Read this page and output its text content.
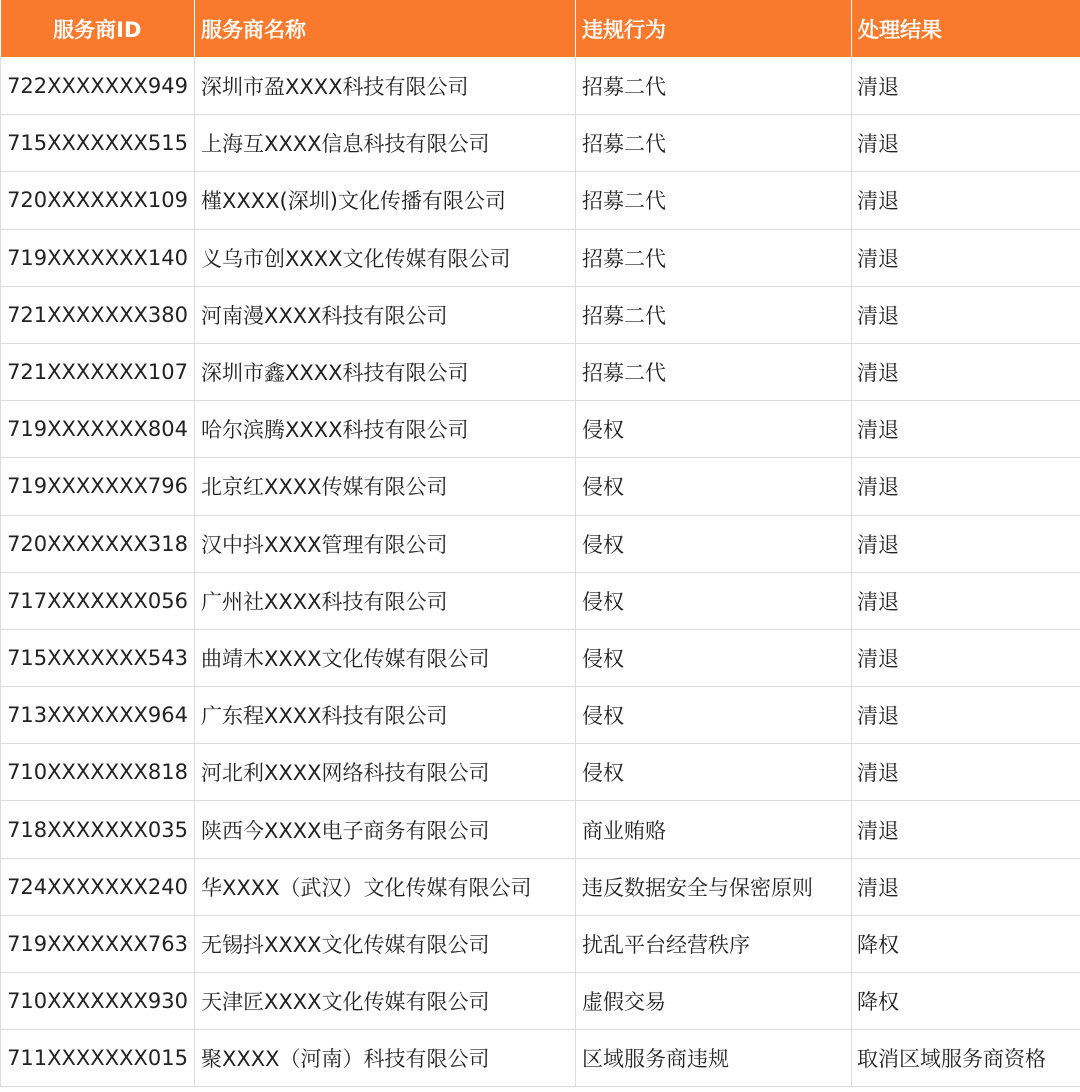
服务商ID	服务商名称	违规行为	处理结果
722XXXXXXX949	深圳市盈XXXX科技有限公司	招募二代	清退
715XXXXXXX515	上海互XXXX信息科技有限公司	招募二代	清退
720XXXXXXX109	槿XXXX(深圳)文化传播有限公司	招募二代	清退
719XXXXXXX140	义乌市创XXXX文化传媒有限公司	招募二代	清退
721XXXXXXX380	河南漫XXXX科技有限公司	招募二代	清退
721XXXXXXX107	深圳市鑫XXXX科技有限公司	招募二代	清退
719XXXXXXX804	哈尔滨腾XXXX科技有限公司	侵权	清退
719XXXXXXX796	北京红XXXX传媒有限公司	侵权	清退
720XXXXXXX318	汉中抖XXXX管理有限公司	侵权	清退
717XXXXXXX056	广州社XXXX科技有限公司	侵权	清退
715XXXXXXX543	曲靖木XXXX文化传媒有限公司	侵权	清退
713XXXXXXX964	广东程XXXX科技有限公司	侵权	清退
710XXXXXXX818	河北利XXXX网络科技有限公司	侵权	清退
718XXXXXXX035	陕西今XXXX电子商务有限公司	商业贿赂	清退
724XXXXXXX240	华XXXX（武汉）文化传媒有限公司	违反数据安全与保密原则	清退
719XXXXXXX763	无锡抖XXXX文化传媒有限公司	扰乱平台经营秩序	降权
710XXXXXXX930	天津匠XXXX文化传媒有限公司	虚假交易	降权
711XXXXXXX015	聚XXXX（河南）科技有限公司	区域服务商违规	取消区域服务商资格
